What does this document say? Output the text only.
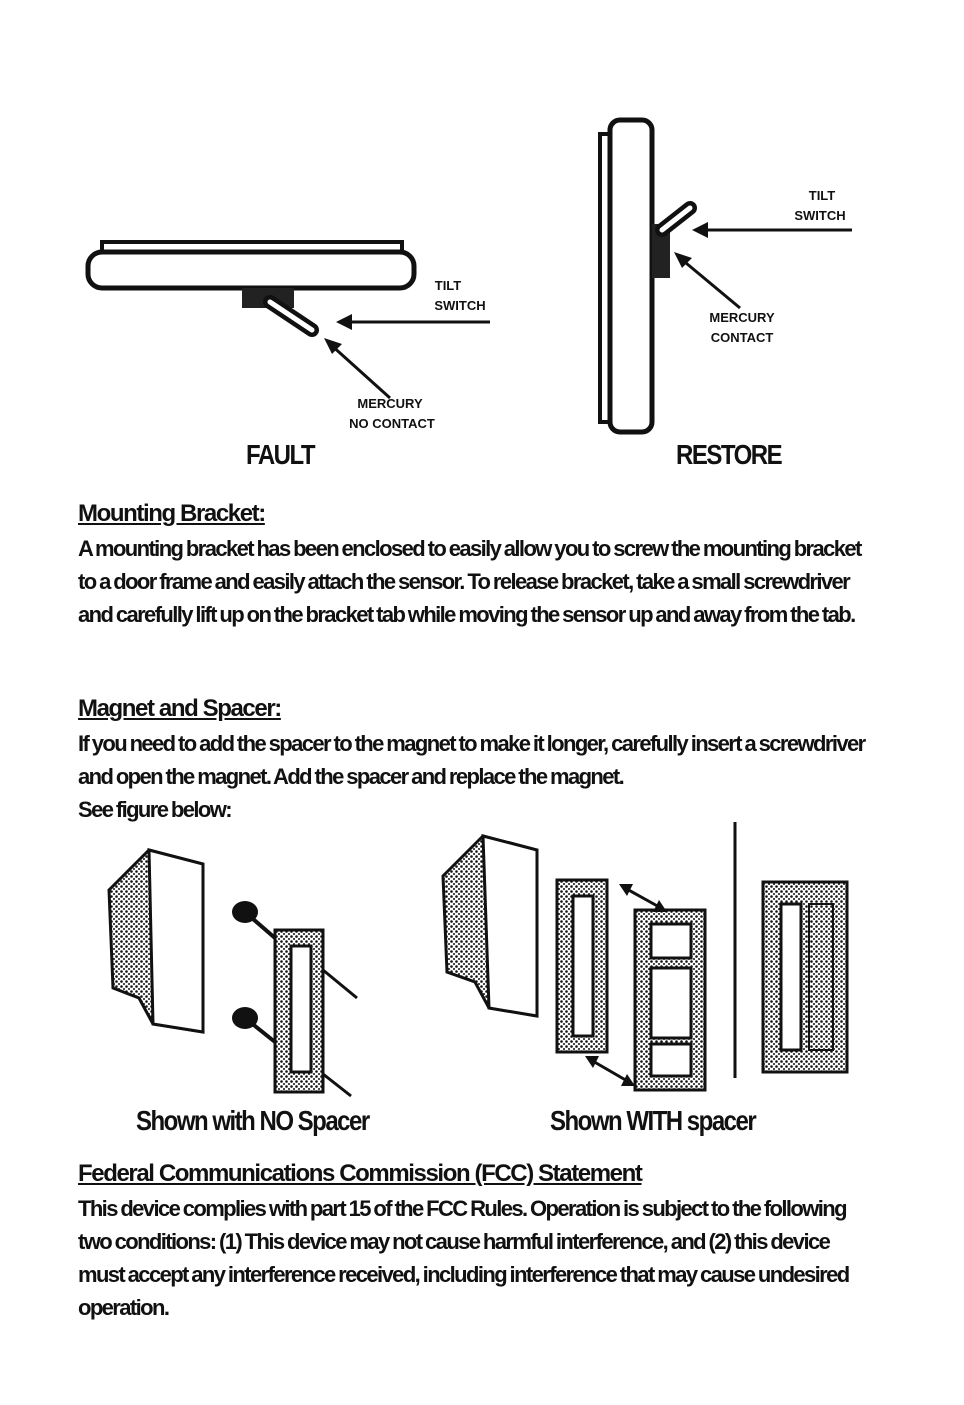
TILT
SWITCH
MERCURY
NO CONTACT
FAULT
TILT
SWITCH
MERCURY
CONTACT
RESTORE
Mounting Bracket:

A mounting bracket has been enclosed to easily allow you to screw the mounting bracket to a door frame and easily attach the sensor. To release bracket, take a small screwdriver and carefully lift up on the bracket tab while moving the sensor up and away from the tab.

Magnet and Spacer:

If you need to add the spacer to the magnet to make it longer, carefully insert a screwdriver and open the magnet. Add the spacer and replace the magnet.

See figure below:

Shown with NO Spacer	Shown WITH spacer
Federal Communications Commission (FCC) Statement

This device complies with part 15 of the FCC Rules. Operation is subject to the following two conditions: (1) This device may not cause harmful interference, and (2) this device must accept any interference received, including interference that may cause undesired operation.
